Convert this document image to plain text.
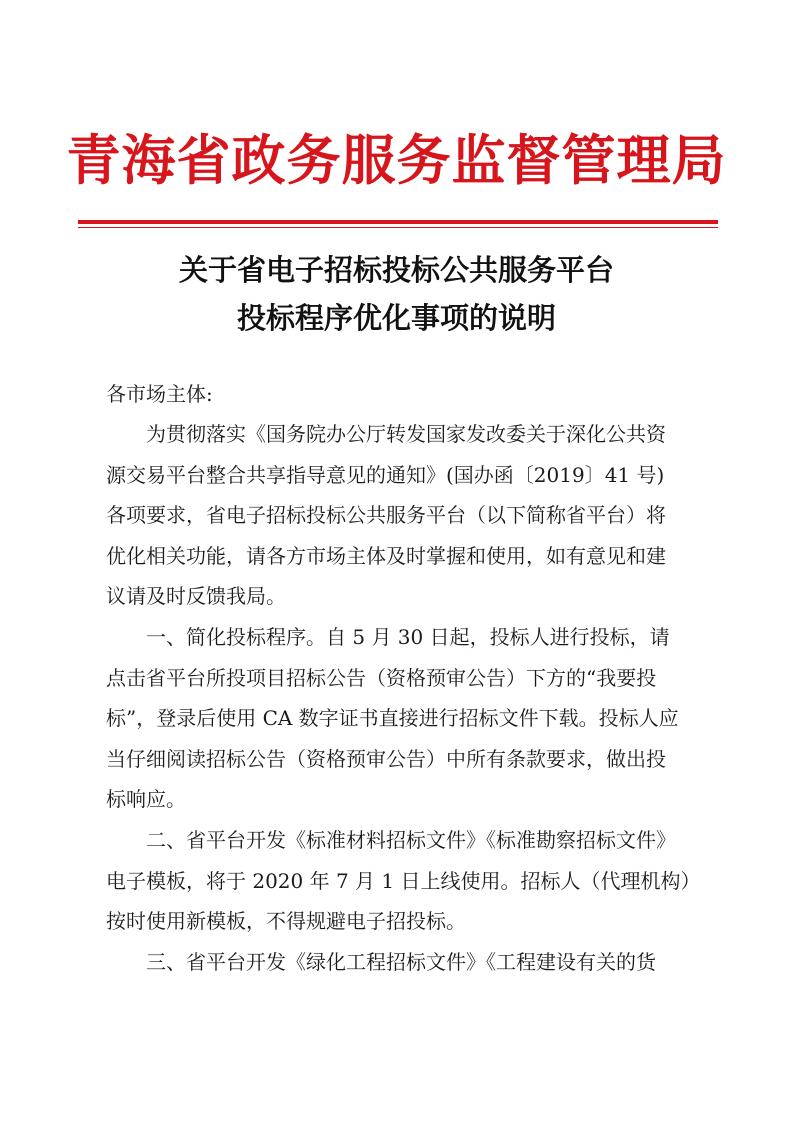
青海省政务服务监督管理局
关于省电子招标投标公共服务平台
投标程序优化事项的说明
各市场主体:

　　为贯彻落实《国务院办公厅转发国家发改委关于深化公共资

源交易平台整合共享指导意见的通知》(国办函〔2019〕41 号)

各项要求，省电子招标投标公共服务平台（以下简称省平台）将

优化相关功能，请各方市场主体及时掌握和使用，如有意见和建

议请及时反馈我局。

　　一、简化投标程序。自 5 月 30 日起，投标人进行投标，请

点击省平台所投项目招标公告（资格预审公告）下方的“我要投

标”，登录后使用 CA 数字证书直接进行招标文件下载。投标人应

当仔细阅读招标公告（资格预审公告）中所有条款要求，做出投

标响应。

　　二、省平台开发《标准材料招标文件》《标准勘察招标文件》

电子模板，将于 2020 年 7 月 1 日上线使用。招标人（代理机构）

按时使用新模板，不得规避电子招投标。

　　三、省平台开发《绿化工程招标文件》《工程建设有关的货
